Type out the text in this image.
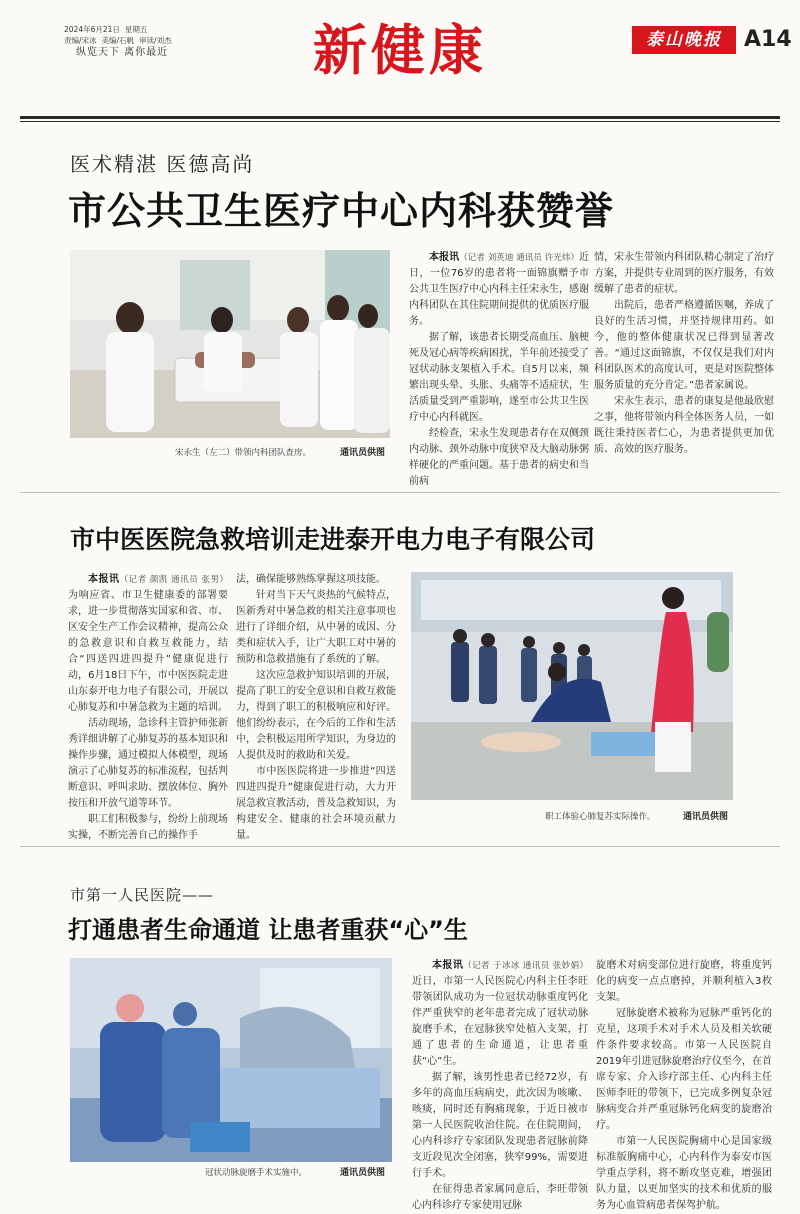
2024年6月21日 星期五
责编/宋冰 美编/石帆 审读/刘杰
纵览天下 离你最近	新健康	泰山晚报	A14
医术精湛 医德高尚
市公共卫生医疗中心内科获赞誉
宋永生（左二）带领内科团队查房。	通讯员供图

本报讯（记者 刘英迪 通讯员 许光炜）近日，一位76岁的患者将一面锦旗赠予市公共卫生医疗中心内科主任宋永生，感谢内科团队在其住院期间提供的优质医疗服务。

据了解，该患者长期受高血压、脑梗死及冠心病等疾病困扰，半年前还接受了冠状动脉支架植入手术。自5月以来，频繁出现头晕、头胀、头痛等不适症状，生活质量受到严重影响，遂至市公共卫生医疗中心内科就医。

经检查，宋永生发现患者存在双侧颈内动脉、颈外动脉中度狭窄及大脑动脉粥样硬化的严重问题。基于患者的病史和当前病

情，宋永生带领内科团队精心制定了治疗方案，并提供专业周到的医疗服务，有效缓解了患者的症状。

出院后，患者严格遵循医嘱，养成了良好的生活习惯，并坚持规律用药。如今，他的整体健康状况已得到显著改善。“通过这面锦旗，不仅仅是我们对内科团队医术的高度认可，更是对医院整体服务质量的充分肯定。”患者家属说。

宋永生表示，患者的康复是他最欣慰之事，他将带领内科全体医务人员，一如既往秉持医者仁心，为患者提供更加优质、高效的医疗服务。

市中医医院急救培训走进泰开电力电子有限公司

本报讯（记者 颜凯 通讯员 张男）为响应省、市卫生健康委的部署要求，进一步贯彻落实国家和省、市、区安全生产工作会议精神，提高公众的急救意识和自救互救能力，结合“四送四进四提升”健康促进行动，6月18日下午，市中医医院走进山东泰开电力电子有限公司，开展以心肺复苏和中暑急救为主题的培训。

活动现场，急诊科主管护师张新秀详细讲解了心肺复苏的基本知识和操作步骤，通过模拟人体模型，现场演示了心肺复苏的标准流程，包括判断意识、呼叫求助、摆放体位、胸外按压和开放气道等环节。

职工们积极参与，纷纷上前现场实操，不断完善自己的操作手

法，确保能够熟练掌握这项技能。

针对当下天气炎热的气候特点，医新秀对中暑急救的相关注意事项也进行了详细介绍，从中暑的成因、分类和症状入手，让广大职工对中暑的预防和急救措施有了系统的了解。

这次应急救护知识培训的开展，提高了职工的安全意识和自救互救能力，得到了职工的积极响应和好评。他们纷纷表示，在今后的工作和生活中，会积极运用所学知识，为身边的人提供及时的救助和关爱。

市中医医院将进一步推进“四送四进四提升”健康促进行动，大力开展急救宣教活动，普及急救知识，为构建安全、健康的社会环境贡献力量。

职工体验心肺复苏实际操作。	通讯员供图
市第一人民医院——
打通患者生命通道 让患者重获“心”生
冠状动脉旋磨手术实施中。	通讯员供图

本报讯（记者 于冰冰 通讯员 张妙娟）近日，市第一人民医院心内科主任李旺带领团队成功为一位冠状动脉重度钙化伴严重狭窄的老年患者完成了冠状动脉旋磨手术，在冠脉狭窄处植入支架，打通了患者的生命通道，让患者重获“心”生。

据了解，该男性患者已经72岁，有多年的高血压病病史，此次因为咳嗽、咳痰，同时还有胸痛现象，于近日被市第一人民医院收治住院。在住院期间，心内科诊疗专家团队发现患者冠脉前降支近段见次全闭塞，狭窄99%，需要进行手术。

在征得患者家属同意后，李旺带领心内科诊疗专家使用冠脉

旋磨术对病变部位进行旋磨，将重度钙化的病变一点点磨掉，并顺利植入3枚支架。

冠脉旋磨术被称为冠脉严重钙化的克星，这项手术对手术人员及相关软硬件条件要求较高。市第一人民医院自2019年引进冠脉旋磨治疗仪至今，在首席专家、介入诊疗部主任、心内科主任医师李旺的带领下，已完成多例复杂冠脉病变合并严重冠脉钙化病变的旋磨治疗。

市第一人民医院胸痛中心是国家级标准版胸痛中心，心内科作为泰安市医学重点学科，将不断攻坚克难，增强团队力量，以更加坚实的技术和优质的服务为心血管病患者保驾护航。
